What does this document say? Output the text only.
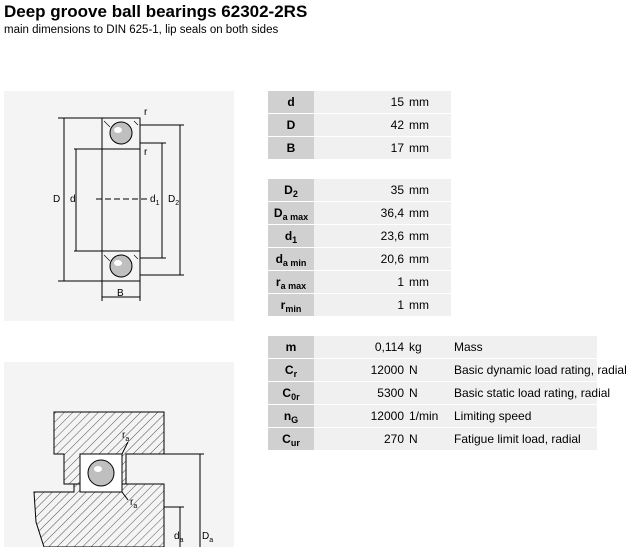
Deep groove ball bearings 62302-2RS
main dimensions to DIN 625-1, lip seals on both sides
r
r
D d	$d_1$ $D_2$
B
$r_a$
$r_a$
$d_a$ $D_a$
d	15 mm
D	42 mm
B	17 mm
$D_2$	35 mm
$D_{a max}$	36,4 mm
$d_1$	23,6 mm
$d_{a min}$	20,6 mm
$r_{a max}$	1 mm
$r_{min}$	1 mm
m	0,114 kg	Mass
$C_r$	12000 N	Basic dynamic load rating, radial
$C_{0r}$	5300 N	Basic static load rating, radial
$n_G$	12000 1/min	Limiting speed
$C_{ur}$	270 N	Fatigue limit load, radial
